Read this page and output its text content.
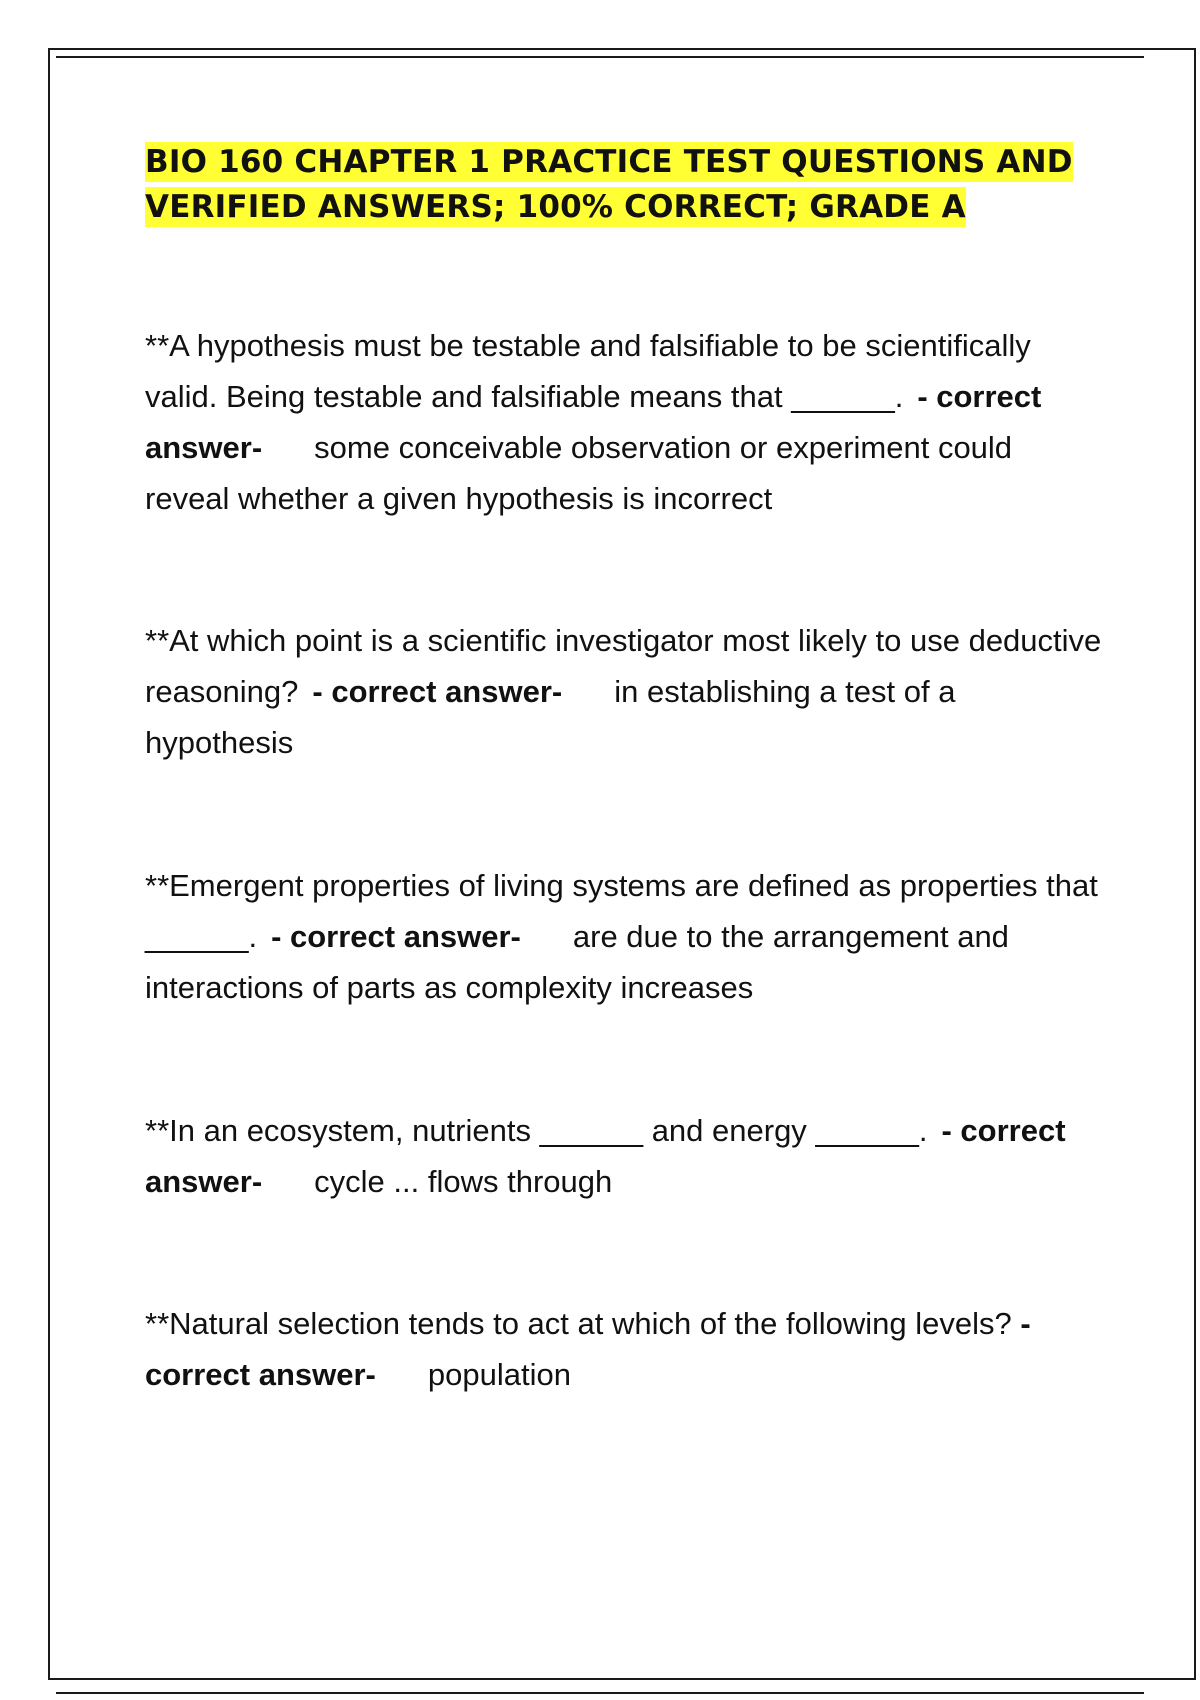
BIO 160 CHAPTER 1 PRACTICE TEST QUESTIONS AND
VERIFIED ANSWERS; 100% CORRECT; GRADE A

**A hypothesis must be testable and falsifiable to be scientifically valid. Being testable and falsifiable means that ______. - correct answer- some conceivable observation or experiment could reveal whether a given hypothesis is incorrect

**At which point is a scientific investigator most likely to use deductive reasoning? - correct answer- in establishing a test of a hypothesis

**Emergent properties of living systems are defined as properties that ______. - correct answer- are due to the arrangement and interactions of parts as complexity increases

**In an ecosystem, nutrients ______ and energy ______. - correct answer- cycle ... flows through

**Natural selection tends to act at which of the following levels? - correct answer- population
